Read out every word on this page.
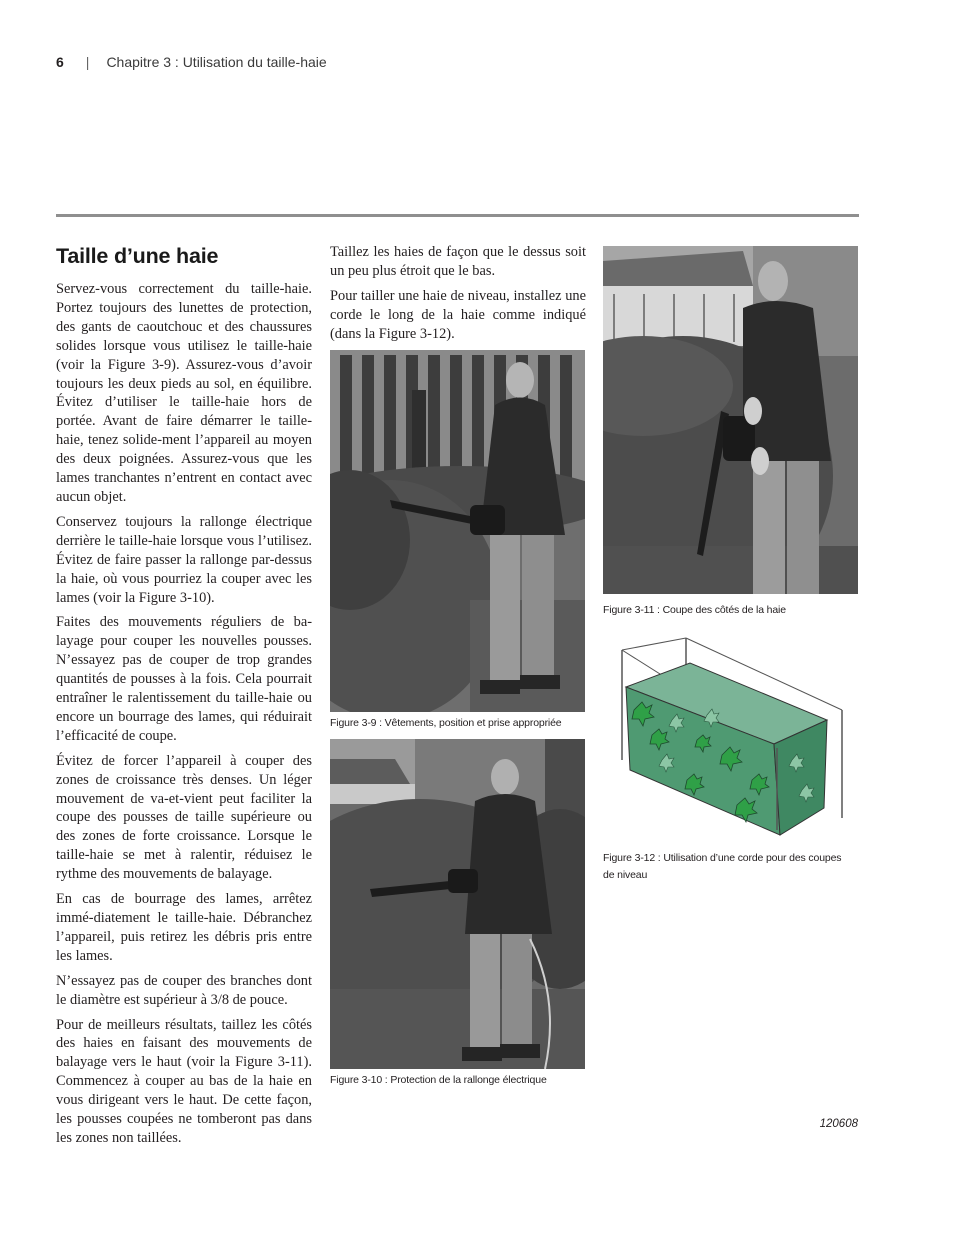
6 | Chapitre 3 : Utilisation du taille-haie
Taille d’une haie

Servez-vous correctement du taille-haie. Portez toujours des lunettes de protection, des gants de caoutchouc et des chaussures solides lorsque vous utilisez le taille-haie (voir la Figure 3-9). Assurez-vous d’avoir toujours les deux pieds au sol, en équilibre. Évitez d’utiliser le taille-haie hors de portée. Avant de faire démarrer le taille-haie, tenez solide-ment l’appareil au moyen des deux poignées. Assurez-vous que les lames tranchantes n’entrent en contact avec aucun objet.

Conservez toujours la rallonge électrique derrière le taille-haie lorsque vous l’utilisez. Évitez de faire passer la rallonge par-dessus la haie, où vous pourriez la couper avec les lames (voir la Figure 3-10).

Faites des mouvements réguliers de ba-layage pour couper les nouvelles pousses. N’essayez pas de couper de trop grandes quantités de pousses à la fois. Cela pourrait entraîner le ralentissement du taille-haie ou encore un bourrage des lames, qui réduirait l’efficacité de coupe.

Évitez de forcer l’appareil à couper des zones de croissance très denses. Un léger mouvement de va-et-vient peut faciliter la coupe des pousses de taille supérieure ou des zones de forte croissance. Lorsque le taille-haie se met à ralentir, réduisez le rythme des mouvements de balayage.

En cas de bourrage des lames, arrêtez immé-diatement le taille-haie. Débranchez l’appareil, puis retirez les débris pris entre les lames.

N’essayez pas de couper des branches dont le diamètre est supérieur à 3/8 de pouce.

Pour de meilleurs résultats, taillez les côtés des haies en faisant des mouvements de balayage vers le haut (voir la Figure 3-11). Commencez à couper au bas de la haie en vous dirigeant vers le haut. De cette façon, les pousses coupées ne tomberont pas dans les zones non taillées.

Taillez les haies de façon que le dessus soit un peu plus étroit que le bas.

Pour tailler une haie de niveau, installez une corde le long de la haie comme indiqué (dans la Figure 3-12).

Figure 3-9 : Vêtements, position et prise appropriée
Figure 3-10 : Protection de la rallonge électrique
Figure 3-11 : Coupe des côtés de la haie
Figure 3-12 : Utilisation d’une corde pour des coupes de niveau
120608
